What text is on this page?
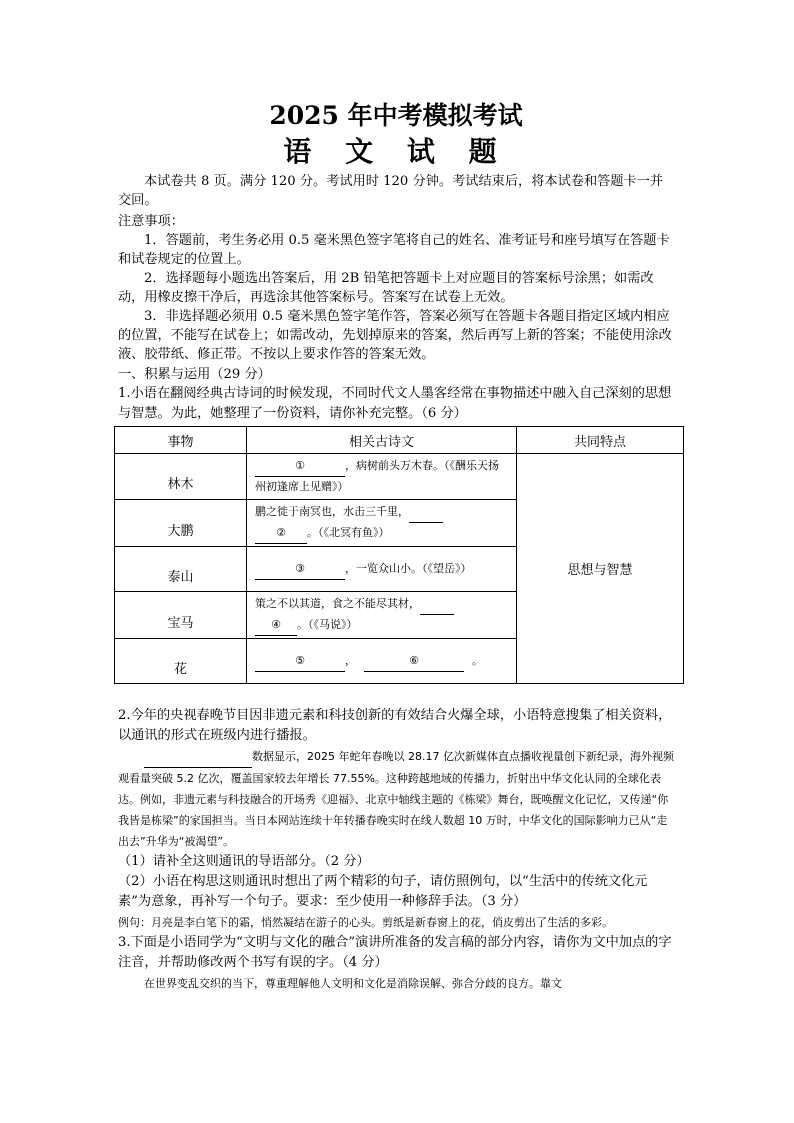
2025 年中考模拟考试
语 文 试 题

本试卷共 8 页。满分 120 分。考试用时 120 分钟。考试结束后，将本试卷和答题卡一并交回。

注意事项：

1．答题前，考生务必用 0.5 毫米黑色签字笔将自己的姓名、准考证号和座号填写在答题卡和试卷规定的位置上。

2．选择题每小题选出答案后，用 2B 铅笔把答题卡上对应题目的答案标号涂黑；如需改动，用橡皮擦干净后，再选涂其他答案标号。答案写在试卷上无效。

3．非选择题必须用 0.5 毫米黑色签字笔作答，答案必须写在答题卡各题目指定区域内相应的位置，不能写在试卷上；如需改动，先划掉原来的答案，然后再写上新的答案；不能使用涂改液、胶带纸、修正带。不按以上要求作答的答案无效。

一、积累与运用（29 分）

1.小语在翻阅经典古诗词的时候发现，不同时代文人墨客经常在事物描述中融入自己深刻的思想与智慧。为此，她整理了一份资料，请你补充完整。（6 分）

事物	相关古诗文	共同特点

林木	① ，病树前头万木春。（《酬乐天扬州初逢席上见赠》）	思想与智慧

大鹏	鹏之徙于南冥也，水击三千里，
② 。（《北冥有鱼》）	

泰山	③ ，一览众山小。（《望岳》）	

宝马	策之不以其道，食之不能尽其材，
④ 。（《马说》）	

花	⑤ ， ⑥ 。	

2.今年的央视春晚节目因非遗元素和科技创新的有效结合火爆全球，小语特意搜集了相关资料，以通讯的形式在班级内进行播报。

数据显示，2025 年蛇年春晚以 28.17 亿次新媒体直点播收视量创下新纪录，海外视频观看量突破 5.2 亿次，覆盖国家较去年增长 77.55%。这种跨越地域的传播力，折射出中华文化认同的全球化表达。例如，非遗元素与科技融合的开场秀《迎福》、北京中轴线主题的《栋梁》舞台，既唤醒文化记忆，又传递“你我皆是栋梁”的家国担当。当日本网站连续十年转播春晚实时在线人数超 10 万时，中华文化的国际影响力已从“走出去”升华为“被渴望”。

（1）请补全这则通讯的导语部分。（2 分）

（2）小语在构思这则通讯时想出了两个精彩的句子，请仿照例句，以“生活中的传统文化元素”为意象，再补写一个句子。要求：至少使用一种修辞手法。（3 分）

例句：月亮是李白笔下的霜，悄然凝结在游子的心头。剪纸是新春窗上的花，俏皮剪出了生活的多彩。

3.下面是小语同学为“文明与文化的融合”演讲所准备的发言稿的部分内容，请你为文中加点的字注音，并帮助修改两个书写有误的字。（4 分）

在世界变乱交织的当下，尊重理解他人文明和文化是消除误解、弥合分歧的良方。靠文
